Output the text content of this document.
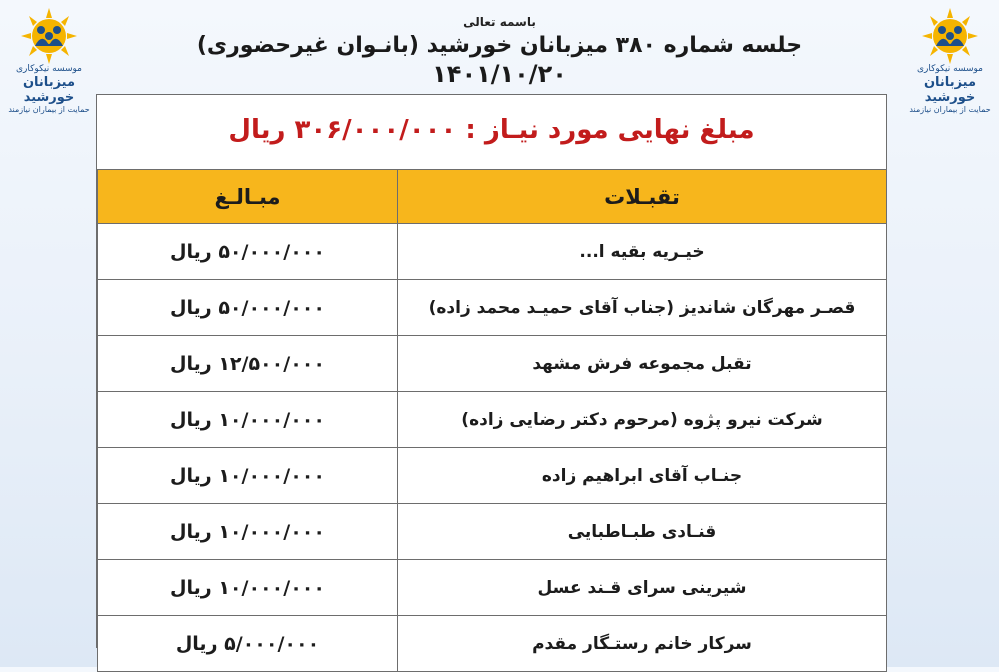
موسسه نیکوکاری
میزبانان خورشید
حمایت از بیماران نیازمند
موسسه نیکوکاری
میزبانان خورشید
حمایت از بیماران نیازمند
باسمه تعالی
جلسه شماره ۳۸۰ میزبانان خورشید (بانـوان غیرحضوری)
۱۴۰۱/۱۰/۲۰
مبلغ نهایی مورد نیـاز : ۳۰۶/۰۰۰/۰۰۰ ریال
تقبـلات	مبـالـغ
خیـریه بقیه ا...	۵۰/۰۰۰/۰۰۰ ریال
قصـر مهرگان شاندیز (جناب آقای حمیـد محمد زاده)	۵۰/۰۰۰/۰۰۰ ریال
تقبل مجموعه فرش مشهد	۱۲/۵۰۰/۰۰۰ ریال
شرکت نیرو پژوه (مرحوم دکتر رضایی زاده)	۱۰/۰۰۰/۰۰۰ ریال
جنـاب آقای ابراهیم زاده	۱۰/۰۰۰/۰۰۰ ریال
قنـادی طبـاطبایی	۱۰/۰۰۰/۰۰۰ ریال
شیرینی سرای قـند عسل	۱۰/۰۰۰/۰۰۰ ریال
سرکار خانم رستـگار مقدم	۵/۰۰۰/۰۰۰ ریال
